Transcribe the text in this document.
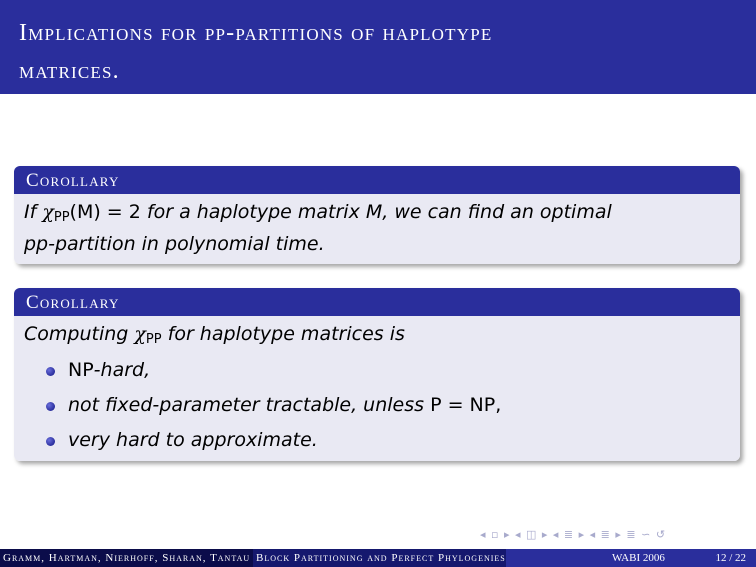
Implications for pp-partitions of haplotype
matrices.
Corollary
If $\chi_{PP}(M) = 2$ for a haplotype matrix M, we can find an optimal
pp-partition in polynomial time.
Corollary
Computing $\chi_{PP}$ for haplotype matrices is
NP-hard,
not fixed-parameter tractable, unless P = NP,
very hard to approximate.
◂ ▫ ▸ ◂ ◫ ▸ ◂ ≣ ▸ ◂ ≣ ▸ ≣ ∽ ↺
Gramm, Hartman, Nierhoff, Sharan, Tantau Block Partitioning and Perfect Phylogenies	WABI 2006	12 / 22
